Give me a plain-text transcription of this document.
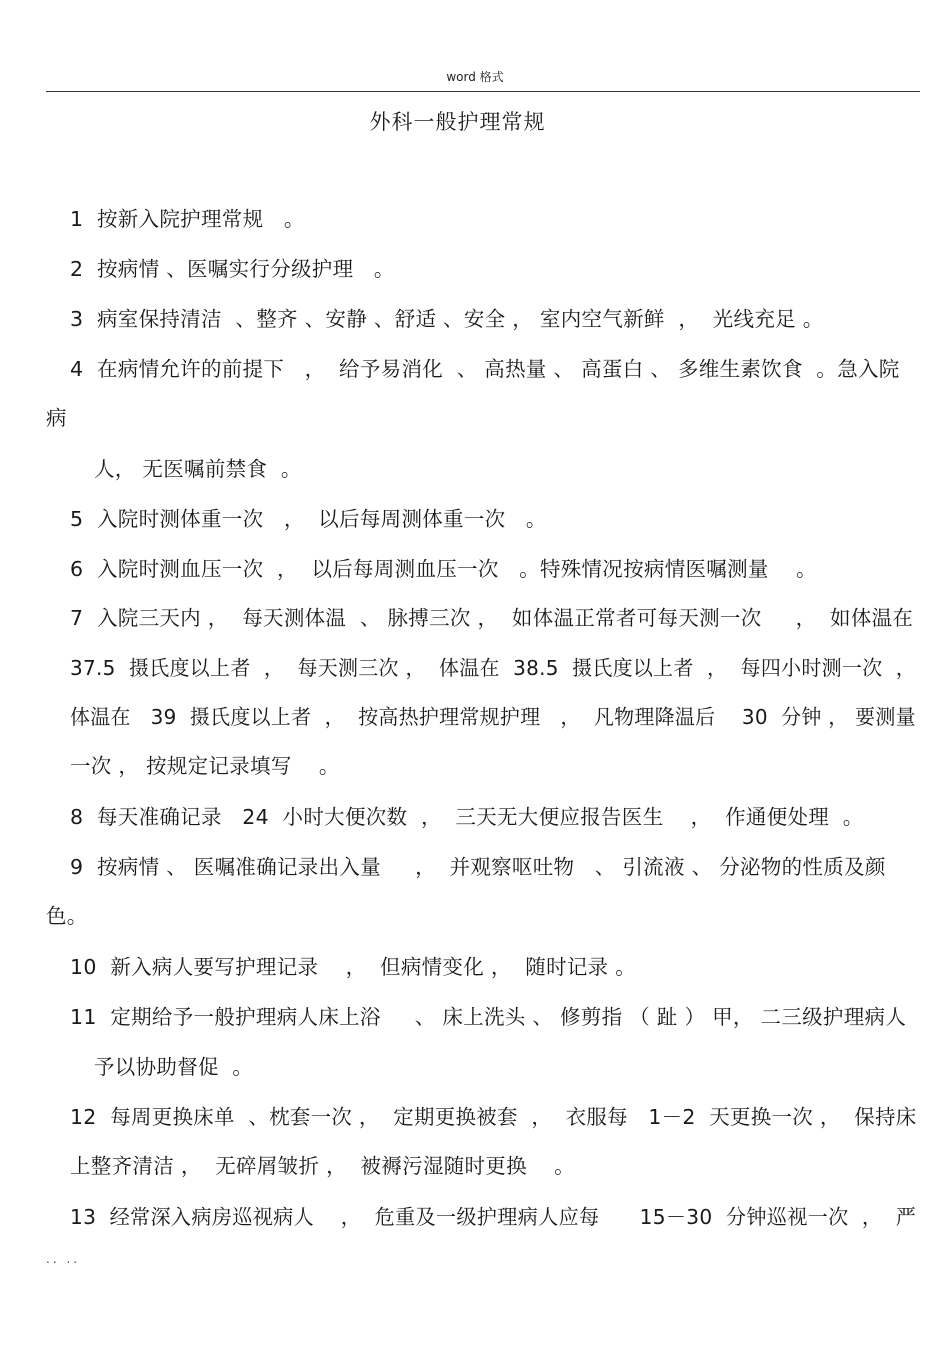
word 格式
外科一般护理常规
1  按新入院护理常规   。
2  按病情 、医嘱实行分级护理   。
3  病室保持清洁  、整齐 、安静 、舒适 、安全 ， 室内空气新鲜  ，  光线充足 。
4  在病情允许的前提下   ，  给予易消化  、 高热量 、 高蛋白 、 多维生素饮食  。急入院
病
人， 无医嘱前禁食  。
5  入院时测体重一次   ，  以后每周测体重一次   。
6  入院时测血压一次  ，  以后每周测血压一次   。特殊情况按病情医嘱测量    。
7  入院三天内 ，  每天测体温  、 脉搏三次 ，  如体温正常者可每天测一次     ，  如体温在
37.5  摄氏度以上者  ，  每天测三次 ，  体温在  38.5  摄氏度以上者  ，  每四小时测一次  ，
体温在   39  摄氏度以上者  ，  按高热护理常规护理   ，  凡物理降温后    30  分钟 ， 要测量
一次 ， 按规定记录填写    。
8  每天准确记录   24  小时大便次数  ，  三天无大便应报告医生    ，  作通便处理  。
9  按病情 、 医嘱准确记录出入量     ，  并观察呕吐物   、 引流液 、 分泌物的性质及颜
色。
10  新入病人要写护理记录    ，  但病情变化 ，  随时记录 。
11  定期给予一般护理病人床上浴     、 床上洗头 、 修剪指 （ 趾 ） 甲， 二三级护理病人
予以协助督促  。
12  每周更换床单  、枕套一次 ，  定期更换被套  ，  衣服每   1－2  天更换一次 ，  保持床
上整齐清洁 ，  无碎屑皱折 ，  被褥污湿随时更换    。
13  经常深入病房巡视病人    ，  危重及一级护理病人应每      15－30  分钟巡视一次  ，  严
.. ..
